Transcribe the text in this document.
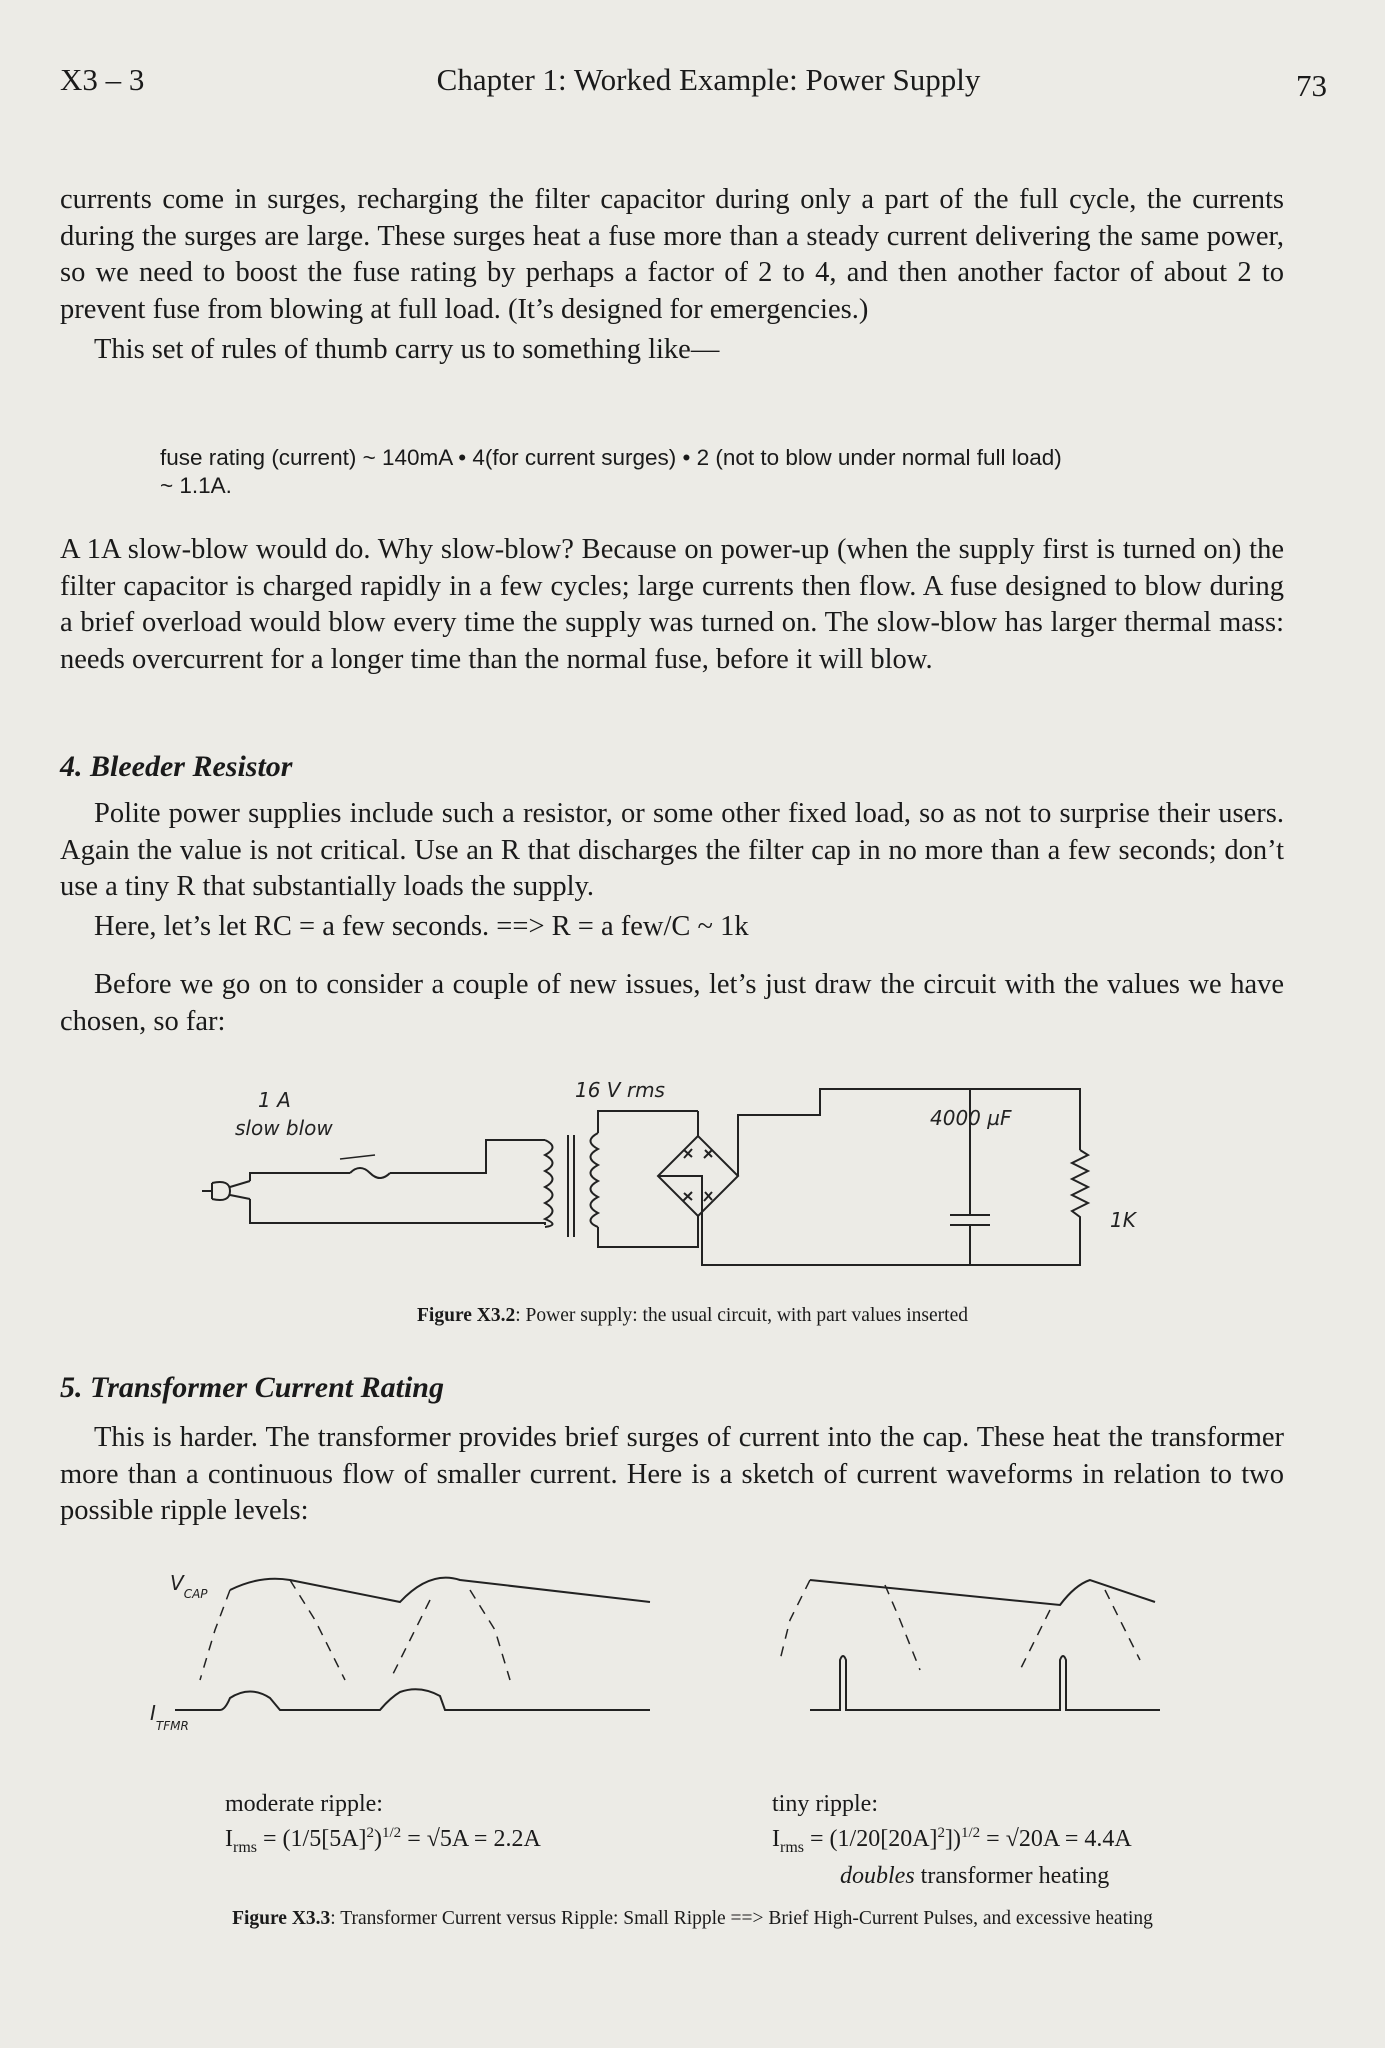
X3 – 3	Chapter 1: Worked Example: Power Supply	73

currents come in surges, recharging the filter capacitor during only a part of the full cycle, the currents during the surges are large. These surges heat a fuse more than a steady current delivering the same power, so we need to boost the fuse rating by perhaps a factor of 2 to 4, and then another factor of about 2 to prevent fuse from blowing at full load. (It’s designed for emergencies.)

This set of rules of thumb carry us to something like—

fuse rating (current) ~ 140mA • 4(for current surges) • 2 (not to blow under normal full load)
~ 1.1A.

A 1A slow-blow would do. Why slow-blow? Because on power-up (when the supply first is turned on) the filter capacitor is charged rapidly in a few cycles; large currents then flow. A fuse designed to blow during a brief overload would blow every time the supply was turned on. The slow-blow has larger thermal mass: needs overcurrent for a longer time than the normal fuse, before it will blow.

4. Bleeder Resistor

Polite power supplies include such a resistor, or some other fixed load, so as not to surprise their users. Again the value is not critical. Use an R that discharges the filter cap in no more than a few seconds; don’t use a tiny R that substantially loads the supply.

Here, let’s let RC = a few seconds. ==> R = a few/C ~ 1k

Before we go on to consider a couple of new issues, let’s just draw the circuit with the values we have chosen, so far:

1 A
slow blow
16 V rms
4000 µF
1K
Figure X3.2: Power supply: the usual circuit, with part values inserted
5. Transformer Current Rating

This is harder. The transformer provides brief surges of current into the cap. These heat the transformer more than a continuous flow of smaller current. Here is a sketch of current waveforms in relation to two possible ripple levels:

$V_{CAP}$
$I_{TFMR}$
moderate ripple:
$I_{rms} = (1/5[5A]^2)^{1/2} = √5A = 2.2A$
tiny ripple:
$I_{rms} = (1/20[20A]^2])^{1/2} = √20A = 4.4A$
doubles transformer heating
Figure X3.3: Transformer Current versus Ripple: Small Ripple ==> Brief High-Current Pulses, and excessive heating
